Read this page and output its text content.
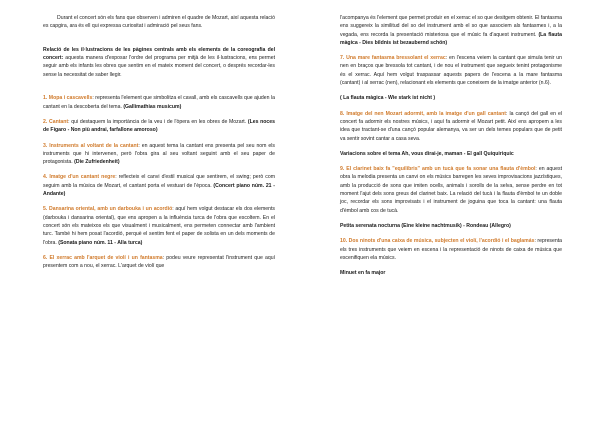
Durant el concert són els fans que observen i admiren el quadre de Mozart, així aquesta relació es capgira, ara és ell qui expressa curiositat i admiració pel seus fans.

Relació de les il·lustracions de les pàgines centrals amb els elements de la coreografia del concert: aquesta manera d'exposar l'ordre del programa per mitjà de les il·lustracions, ens permet seguir amb els infants les obres que sentim en el mateix moment del concert, o després recordar-les sense la necessitat de saber llegir.

1. Mopa i cascavells: representa l'element que simbolitza el cavall, amb els cascavells que ajuden la cantant en la descoberta del tema. (Gallimathias musicum)

2. Cantant: qui destaquem la importància de la veu i de l'òpera en les obres de Mozart. (Les noces de Fígaro - Non più andrai, farfallone amoroso)

3. Instruments al voltant de la cantant: en aquest tema la cantant ens presenta pel seu nom els instruments que hi intervenen, però l'obra gira al seu voltant seguint amb el seu paper de protagonista. (Die Zufriedenheit)

4. Imatge d'un cantant negre: reflecteix el canvi d'estil musical que sentirem, el swing; però com seguim amb la música de Mozart, el cantant porta el vestuari de l'època. (Concert piano núm. 21 - Andante)

5. Dansarina oriental, amb un darbouka i un acordió: aquí hem volgut destacar els dos elements (darbouka i dansarina oriental), que ens apropen a la influència turca de l'obra que escoltem. En el concert són els mateixos els que visualment i musicalment, ens permeten connectar amb l'ambient turc. També hi hem posat l'acordió, perquè el sentim fent el paper de solista en un dels moments de l'obra. (Sonata piano núm. 11 - Alla turca)

6. El xerrac amb l'arquet de violí i un fantasma: podeu veure representat l'instrument que aquí presentem com a nou, el xerrac. L'arquet de violí que

l'acompanya és l'element que permet produir en el xerrac el so que desitgem obtenir. El fantasma ens suggereix la similitud del so del instrument amb el so que associem als fantasmes i, a la vegada, ens recorda la presentació misteriosa que el músic fa d'aquest instrument. (La flauta màgica - Dies bildnis ist bezaubernd schön)

7. Una mare fantasma bressolant el xerrac: en l'escena veiem la cantant que simula tenir un nen en braços que bressola tot cantant, i de nou el instrument que segueix tenint protagonisme és el xerrac. Aquí hem volgut traspassar aquests papers de l'escena a la mare fantasma (cantant) i al xerrac (nen), relacionant els elements que coneixem de la imatge anterior (n.6).

( La flauta màgica - Wie stark ist nicht )

8. Imatge del nen Mozart adormit, amb la imatge d'un gall cantant: la cançó del gall en el concert fa adormir els nostres músics, i aquí fa adormir el Mozart petit. Així ens apropem a les idea que tractant-se d'una cançó popular alemanya, va ser un dels temes populars que de petit va sentir sovint cantar a casa seva.

Variacions sobre el tema Ah, vous dirai-je, maman - El gall Quiquiriquic

9. El clarinet baix fa "equilibris" amb un tucà que fa sonar una flauta d'èmbol: en aquest obra la melodia presenta un canvi on els músics barregen les seves improvisacions jazzístiques, amb la producció de sons que imiten ocells, animals i sorolls de la selva, sense perdre en tot moment l'ajut dels sons greus del clarinet baix. La relació del tucà i la flauta d'èmbol te un doble joc, recordar els sons improvisats i el instrument de joguina que toca la cantant: una flauta d'èmbol amb cos de tucà.

Petita serenata nocturna (Eine kleine nachtmusik) - Rondeau (Allegro)

10. Dos ninots d'una caixa de música, subjecten el violí, l'acordió i el baglamás: representa els tres instruments que veiem en escena i la representació de ninots de caixa de música que escenifiquen ela músics.

Minuet en fa major
